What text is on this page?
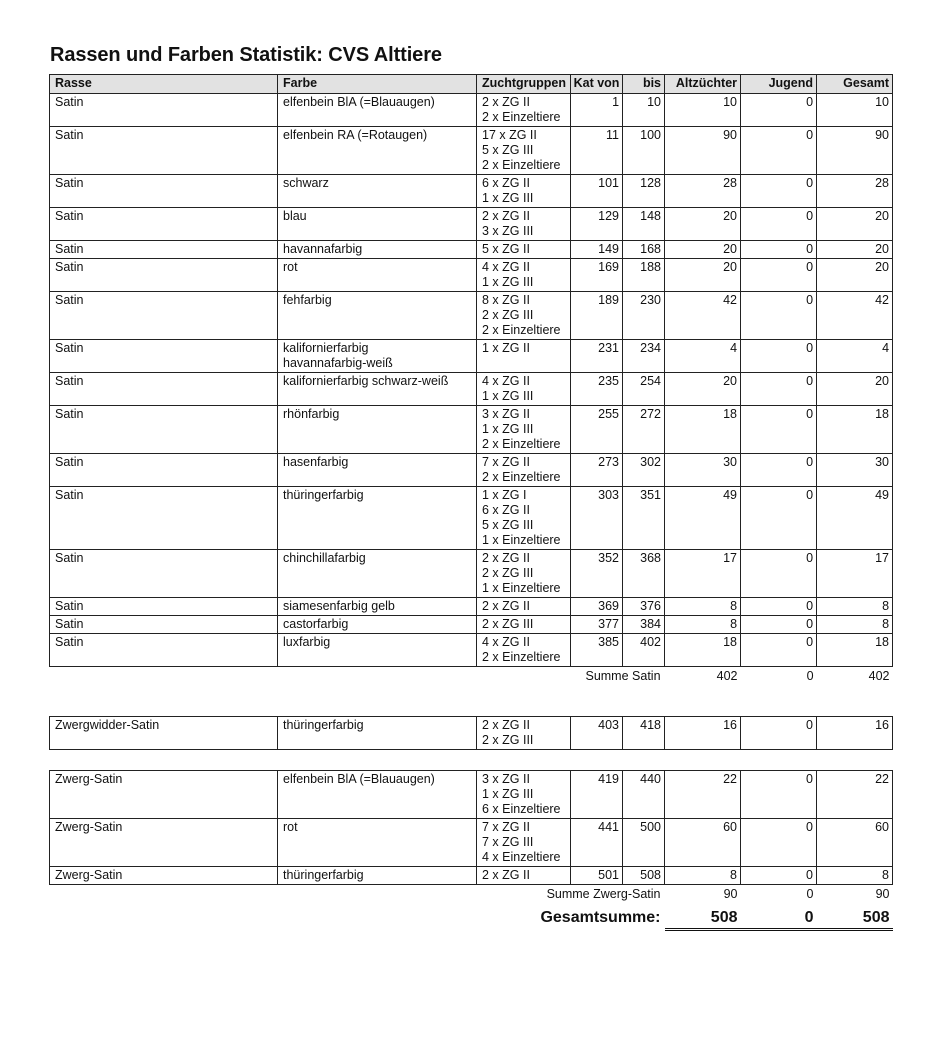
Rassen und Farben Statistik: CVS Alttiere
Rasse	Farbe	Zuchtgruppen	Kat von	bis	Altzüchter	Jugend	Gesamt
Satin	elfenbein BlA (=Blauaugen)	2 x ZG II
2 x Einzeltiere	1	10	10	0	10
Satin	elfenbein RA (=Rotaugen)	17 x ZG II
5 x ZG III
2 x Einzeltiere	11	100	90	0	90
Satin	schwarz	6 x ZG II
1 x ZG III	101	128	28	0	28
Satin	blau	2 x ZG II
3 x ZG III	129	148	20	0	20
Satin	havannafarbig	5 x ZG II	149	168	20	0	20
Satin	rot	4 x ZG II
1 x ZG III	169	188	20	0	20
Satin	fehfarbig	8 x ZG II
2 x ZG III
2 x Einzeltiere	189	230	42	0	42
Satin	kalifornierfarbig
havannafarbig-weiß	1 x ZG II	231	234	4	0	4
Satin	kalifornierfarbig schwarz-weiß	4 x ZG II
1 x ZG III	235	254	20	0	20
Satin	rhönfarbig	3 x ZG II
1 x ZG III
2 x Einzeltiere	255	272	18	0	18
Satin	hasenfarbig	7 x ZG II
2 x Einzeltiere	273	302	30	0	30
Satin	thüringerfarbig	1 x ZG I
6 x ZG II
5 x ZG III
1 x Einzeltiere	303	351	49	0	49
Satin	chinchillafarbig	2 x ZG II
2 x ZG III
1 x Einzeltiere	352	368	17	0	17
Satin	siamesenfarbig gelb	2 x ZG II	369	376	8	0	8
Satin	castorfarbig	2 x ZG III	377	384	8	0	8
Satin	luxfarbig	4 x ZG II
2 x Einzeltiere	385	402	18	0	18
Summe Satin					402	0	402
Zwergwidder-Satin	thüringerfarbig	2 x ZG II
2 x ZG III
	403	418	16	0	16
Zwerg-Satin	elfenbein BlA (=Blauaugen)	3 x ZG II
1 x ZG III
6 x Einzeltiere	419	440	22	0	22
Zwerg-Satin	rot	7 x ZG II
7 x ZG III
4 x Einzeltiere	441	500	60	0	60
Zwerg-Satin	thüringerfarbig	2 x ZG II	501	508	8	0	8
Summe Zwerg-Satin					90	0	90
Gesamtsumme:					508	0	508
